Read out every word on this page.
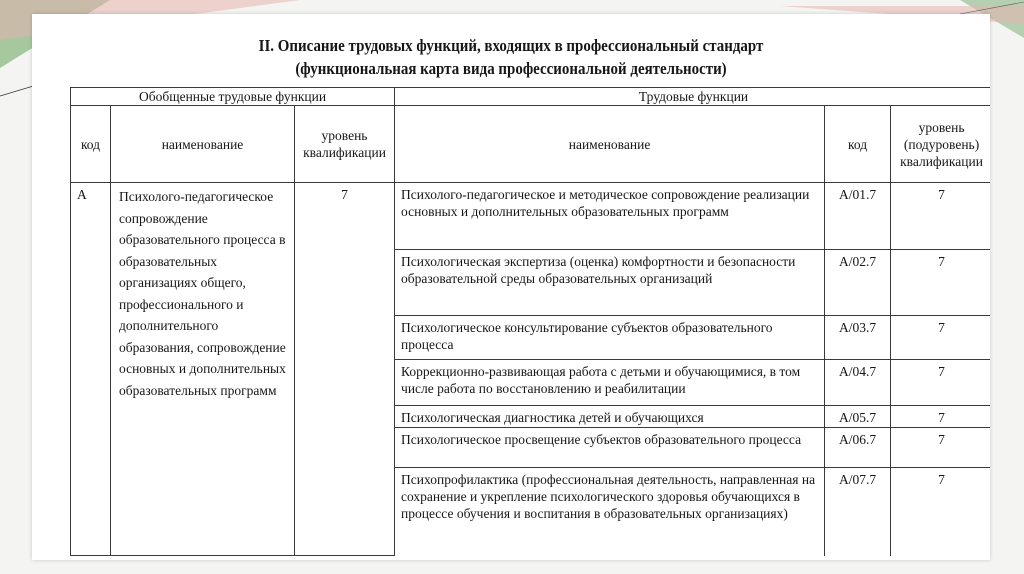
II. Описание трудовых функций, входящих в профессиональный стандарт
(функциональная карта вида профессиональной деятельности)
Обобщенные трудовые функции			Трудовые функции		
код	наименование	уровень квалификации	наименование	код	уровень (подуровень) квалификации
А	Психолого-педагогическое сопровождение образовательного процесса в образовательных организациях общего, профессионального и дополнительного образования, сопровождение основных и дополнительных образовательных программ	7	Психолого-педагогическое и методическое сопровождение реализации основных и дополнительных образовательных программ	А/01.7	7
			Психологическая экспертиза (оценка) комфортности и безопасности образовательной среды образовательных организаций	А/02.7	7
			Психологическое консультирование субъектов образовательного процесса	А/03.7	7
			Коррекционно-развивающая работа с детьми и обучающимися, в том числе работа по восстановлению и реабилитации	А/04.7	7
			Психологическая диагностика детей и обучающихся	А/05.7	7
			Психологическое просвещение субъектов образовательного процесса	А/06.7	7
			Психопрофилактика (профессиональная деятельность, направленная на сохранение и укрепление психологического здоровья обучающихся в процессе обучения и воспитания в образовательных организациях)	А/07.7	7
